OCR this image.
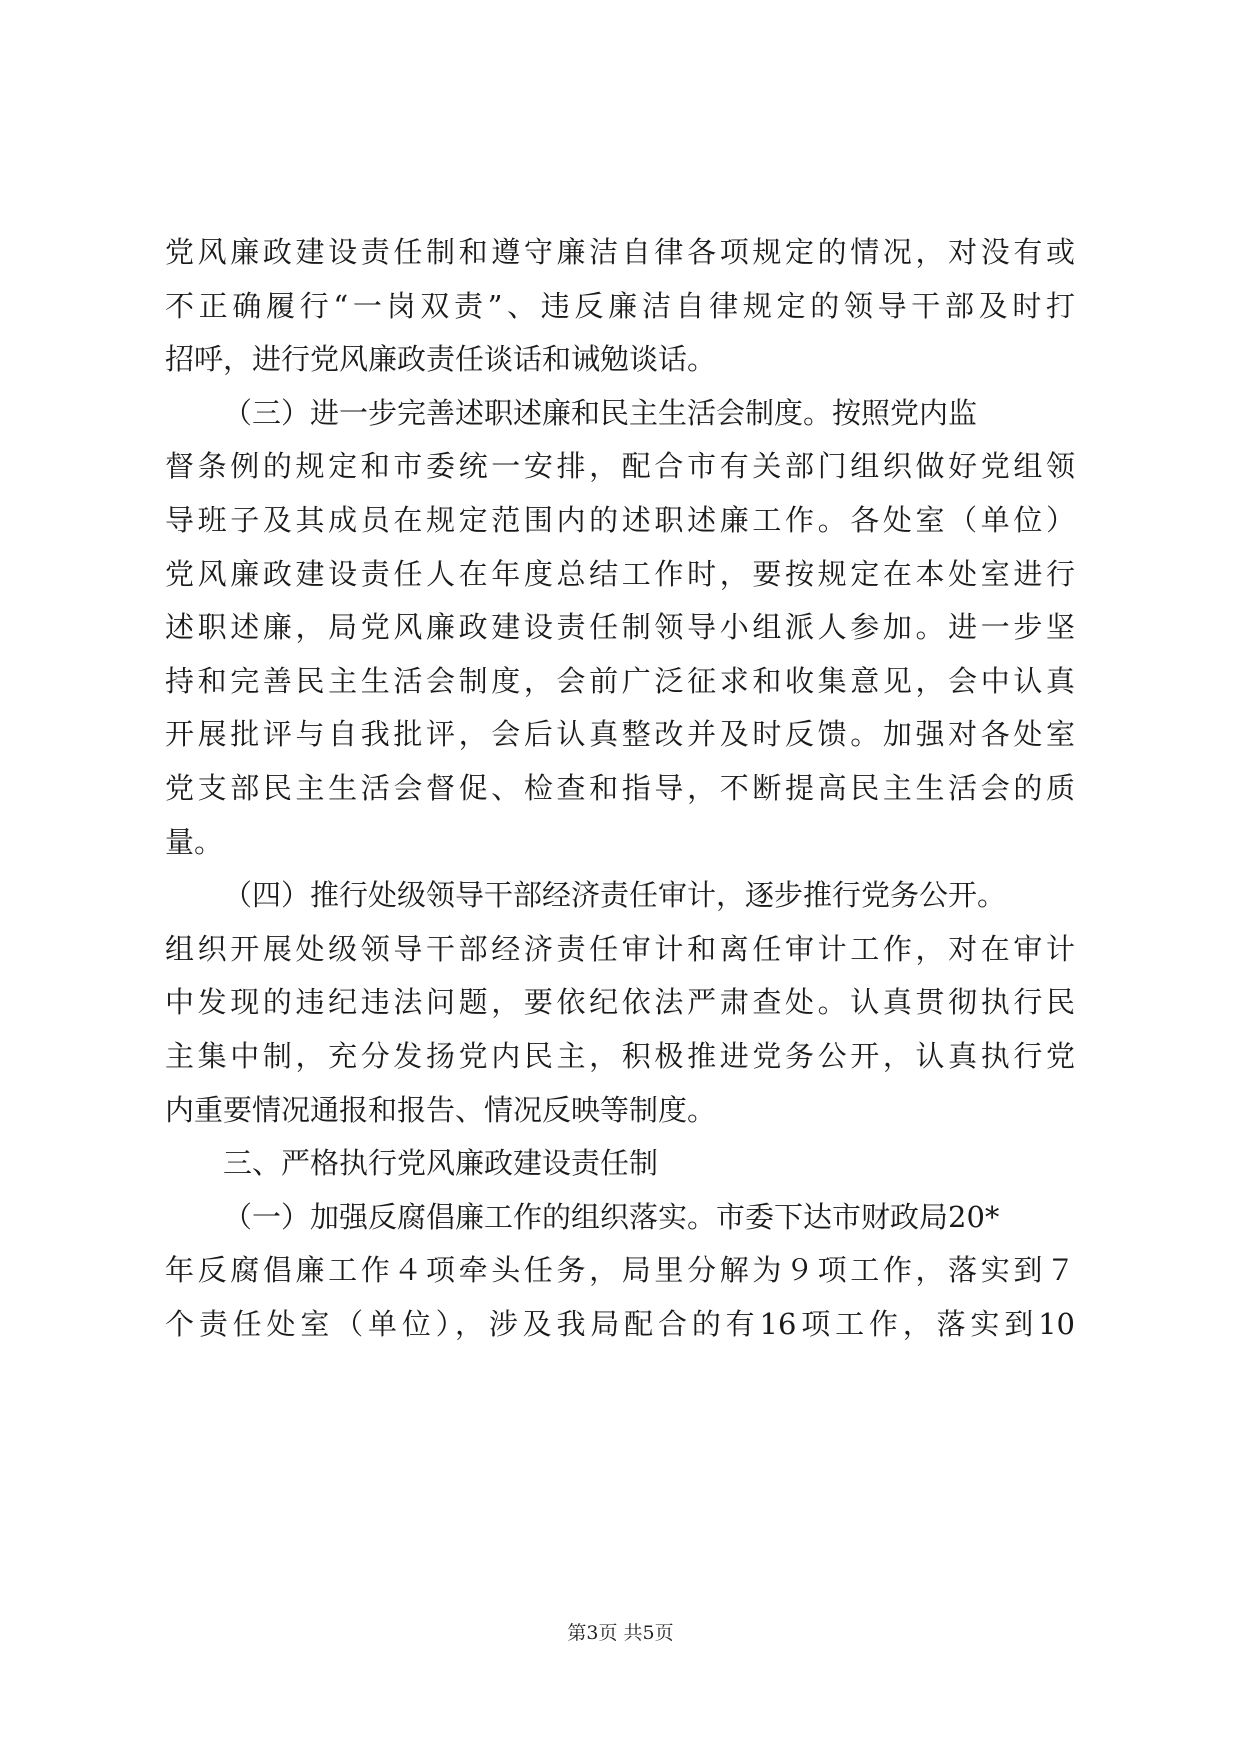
党风廉政建设责任制和遵守廉洁自律各项规定的情况，对没有或
不正确履行“一岗双责”、违反廉洁自律规定的领导干部及时打
招呼，进行党风廉政责任谈话和诫勉谈话。
（三）进一步完善述职述廉和民主生活会制度。按照党内监
督条例的规定和市委统一安排，配合市有关部门组织做好党组领
导班子及其成员在规定范围内的述职述廉工作。各处室（单位）
党风廉政建设责任人在年度总结工作时，要按规定在本处室进行
述职述廉，局党风廉政建设责任制领导小组派人参加。进一步坚
持和完善民主生活会制度，会前广泛征求和收集意见，会中认真
开展批评与自我批评，会后认真整改并及时反馈。加强对各处室
党支部民主生活会督促、检查和指导，不断提高民主生活会的质
量。
（四）推行处级领导干部经济责任审计，逐步推行党务公开。
组织开展处级领导干部经济责任审计和离任审计工作，对在审计
中发现的违纪违法问题，要依纪依法严肃查处。认真贯彻执行民
主集中制，充分发扬党内民主，积极推进党务公开，认真执行党
内重要情况通报和报告、情况反映等制度。
三、严格执行党风廉政建设责任制
（一）加强反腐倡廉工作的组织落实。市委下达市财政局20*
年反腐倡廉工作４项牵头任务，局里分解为９项工作，落实到７
个责任处室（单位），涉及我局配合的有16项工作，落实到10
第3页 共5页
